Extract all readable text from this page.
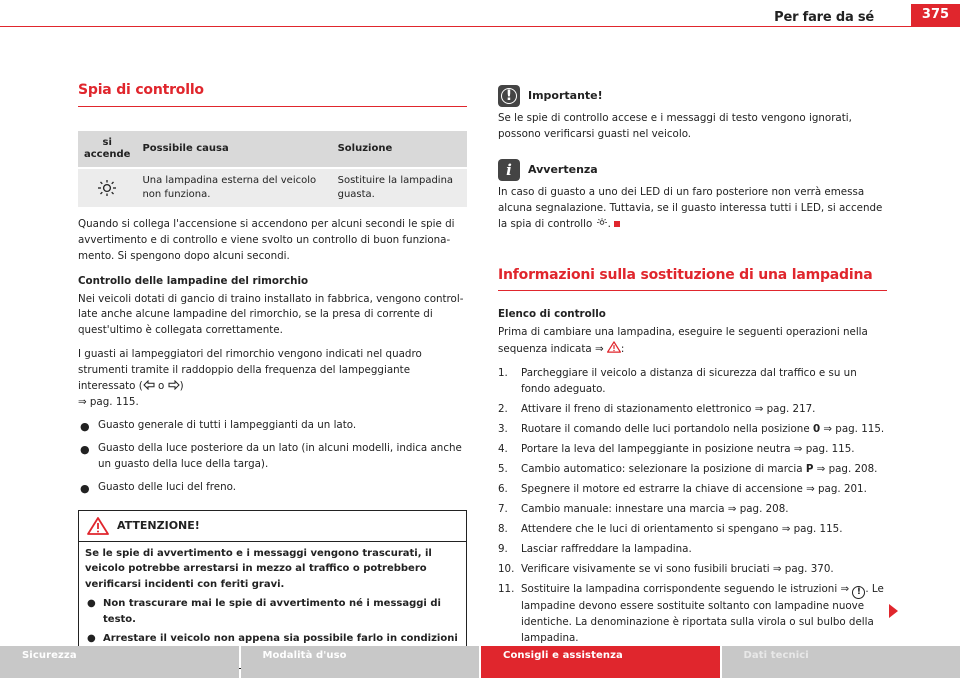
Per fare da sé	375
Spia di controllo
si accende	Possibile causa	Soluzione
	Una lampadina esterna del veicolo non funziona.	Sostituire la lampadina guasta.

Quando si collega l'accensione si accendono per alcuni secondi le spie di avvertimento e di controllo e viene svolto un controllo di buon funzionamento. Si spengono dopo alcuni secondi.

Controllo delle lampadine del rimorchio

Nei veicoli dotati di gancio di traino installato in fabbrica, vengono controllate anche alcune lampadine del rimorchio, se la presa di corrente di quest'ultimo è collegata correttamente.

I guasti ai lampeggiatori del rimorchio vengono indicati nel quadro strumenti tramite il raddoppio della frequenza del lampeggiante interessato ( o )
⇒ pag. 115.

● Guasto generale di tutti i lampeggianti da un lato.
● Guasto della luce posteriore da un lato (in alcuni modelli, indica anche un guasto della luce della targa).
● Guasto delle luci del freno.
ATTENZIONE!
Se le spie di avvertimento e i messaggi vengono trascurati, il veicolo potrebbe arrestarsi in mezzo al traffico o potrebbero verificarsi incidenti con feriti gravi.
● Non trascurare mai le spie di avvertimento né i messaggi di testo.
● Arrestare il veicolo non appena sia possibile farlo in condizioni
!	Importante!

Se le spie di controllo accese e i messaggi di testo vengono ignorati, possono verificarsi guasti nel veicolo.

i	Avvertenza

In caso di guasto a uno dei LED di un faro posteriore non verrà emessa alcuna segnalazione. Tuttavia, se il guasto interessa tutti i LED, si accende la spia di controllo .

Informazioni sulla sostituzione di una lampadina
Elenco di controllo

Prima di cambiare una lampadina, eseguire le seguenti operazioni nella sequenza indicata ⇒ :

1. Parcheggiare il veicolo a distanza di sicurezza dal traffico e su un fondo adeguato.
2. Attivare il freno di stazionamento elettronico ⇒ pag. 217.
3. Ruotare il comando delle luci portandolo nella posizione 0 ⇒ pag. 115.
4. Portare la leva del lampeggiante in posizione neutra ⇒ pag. 115.
5. Cambio automatico: selezionare la posizione di marcia P ⇒ pag. 208.
6. Spegnere il motore ed estrarre la chiave di accensione ⇒ pag. 201.
7. Cambio manuale: innestare una marcia ⇒ pag. 208.
8. Attendere che le luci di orientamento si spengano ⇒ pag. 115.
9. Lasciar raffreddare la lampadina.
10. Verificare visivamente se vi sono fusibili bruciati ⇒ pag. 370.
11. Sostituire la lampadina corrispondente seguendo le istruzioni ⇒ ! . Le lampadine devono essere sostituite soltanto con lampadine nuove identiche. La denominazione è riportata sulla virola o sul bulbo della lampadina.
Sicurezza	Modalità d'uso	Consigli e assistenza	Dati tecnici
